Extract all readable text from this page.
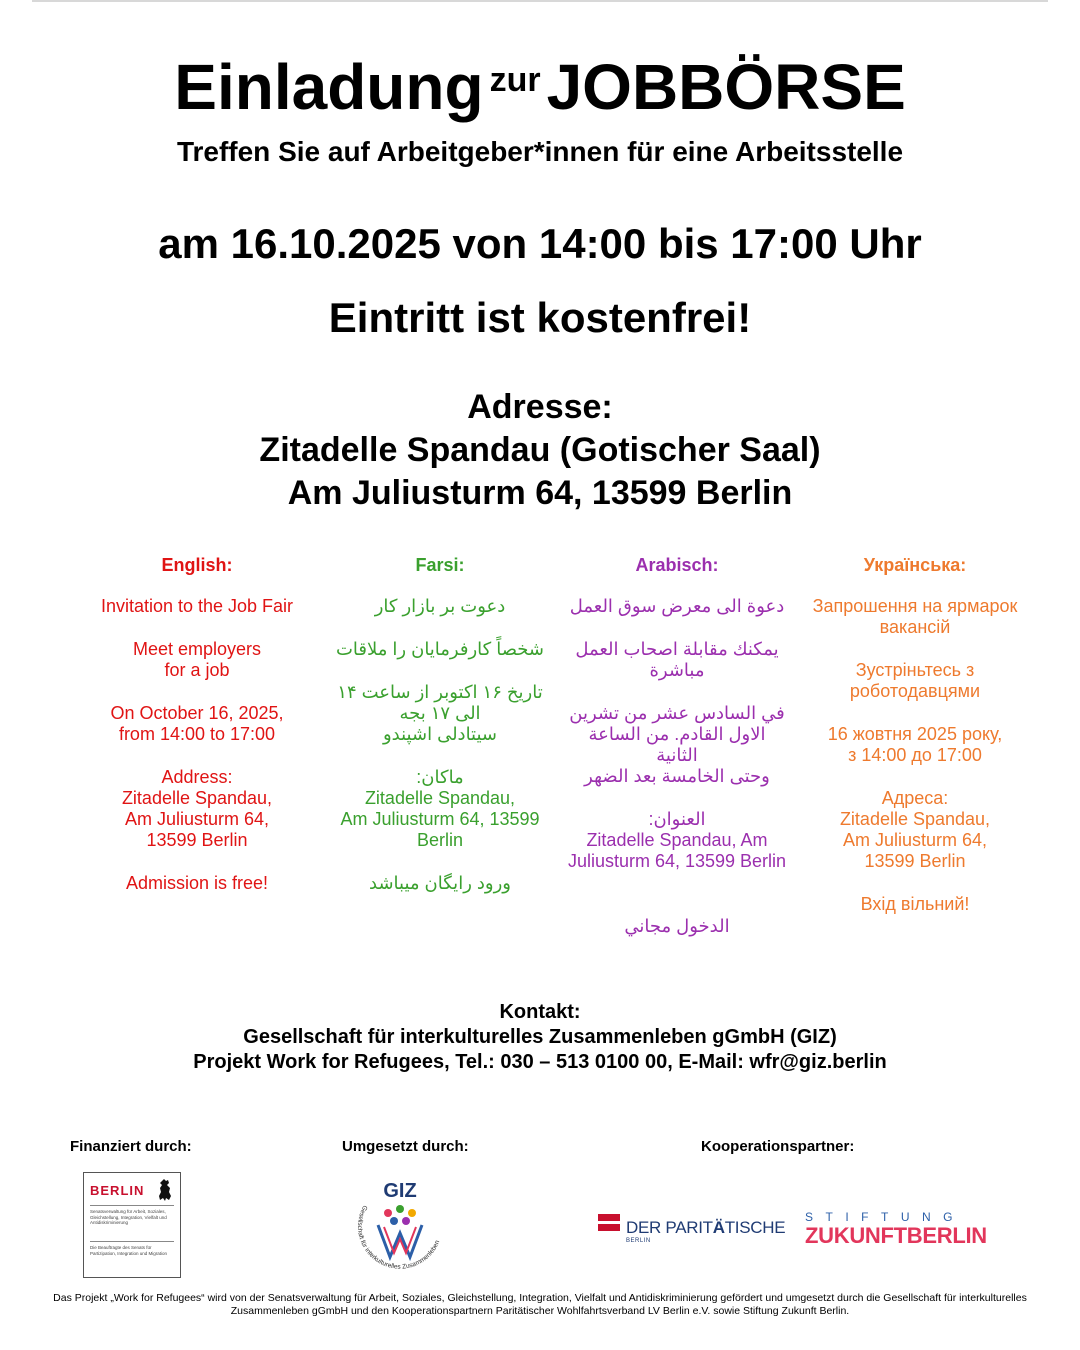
Einladung $^{zur}$JOBBÖRSE
Treffen Sie auf Arbeitgeber*innen für eine Arbeitsstelle
am 16.10.2025 von 14:00 bis 17:00 Uhr
Eintritt ist kostenfrei!
Adresse:
Zitadelle Spandau (Gotischer Saal)
Am Juliusturm 64, 13599 Berlin
English:

Invitation to the Job Fair

Meet employers
for a job

On October 16, 2025,
from 14:00 to 17:00

Address:
Zitadelle Spandau,
Am Juliusturm 64,
13599 Berlin

Admission is free!

Farsi:

دعوت بر بازار کار

شخصاً کارفرمایان را ملاقات

تاریخ ۱۶ اکتوبر از ساعت ۱۴
الی ۱۷ بجه
سیتادلی اشپندو

ماکان:

Zitadelle Spandau,
Am Juliusturm 64, 13599
Berlin

ورود رایگان میباشد

Arabisch:

دعوة الى معرض سوق العمل

يمكنك مقابلة اصحاب العمل
مباشرة

في السادس عشر من تشرين
الاول القادم. من الساعة الثانية
وحتى الخامسة بعد الضهر

العنوان:

Zitadelle Spandau, Am
Juliusturm 64, 13599 Berlin

الدخول مجاني

Українська:

Запрошення на ярмарок
вакансій

Зустріньтесь з
роботодавцями

16 жовтня 2025 року,
з 14:00 до 17:00

Адреса:
Zitadelle Spandau,
Am Juliusturm 64,
13599 Berlin

Вхід вільний!

Kontakt:
Gesellschaft für interkulturelles Zusammenleben gGmbH (GIZ)
Projekt Work for Refugees, Tel.: 030 – 513 0100 00, E-Mail: wfr@giz.berlin
Finanziert durch:	Umgesetzt durch:	Kooperationspartner:
BERLIN
Senatsverwaltung für Arbeit, Soziales, Gleichstellung, Integration, Vielfalt und Antidiskriminierung
Die Beauftragte des Senats für Partizipation, Integration und Migration
GIZ
Gesellschaft für interkulturelles Zusammenleben
DER PARITÄTISCHE
BERLIN
STIFTUNG
ZUKUNFTBERLIN
Das Projekt „Work for Refugees“ wird von der Senatsverwaltung für Arbeit, Soziales, Gleichstellung, Integration, Vielfalt und Antidiskriminierung gefördert und umgesetzt durch die Gesellschaft für interkulturelles Zusammenleben gGmbH und den Kooperationspartnern Paritätischer Wohlfahrtsverband LV Berlin e.V. sowie Stiftung Zukunft Berlin.
